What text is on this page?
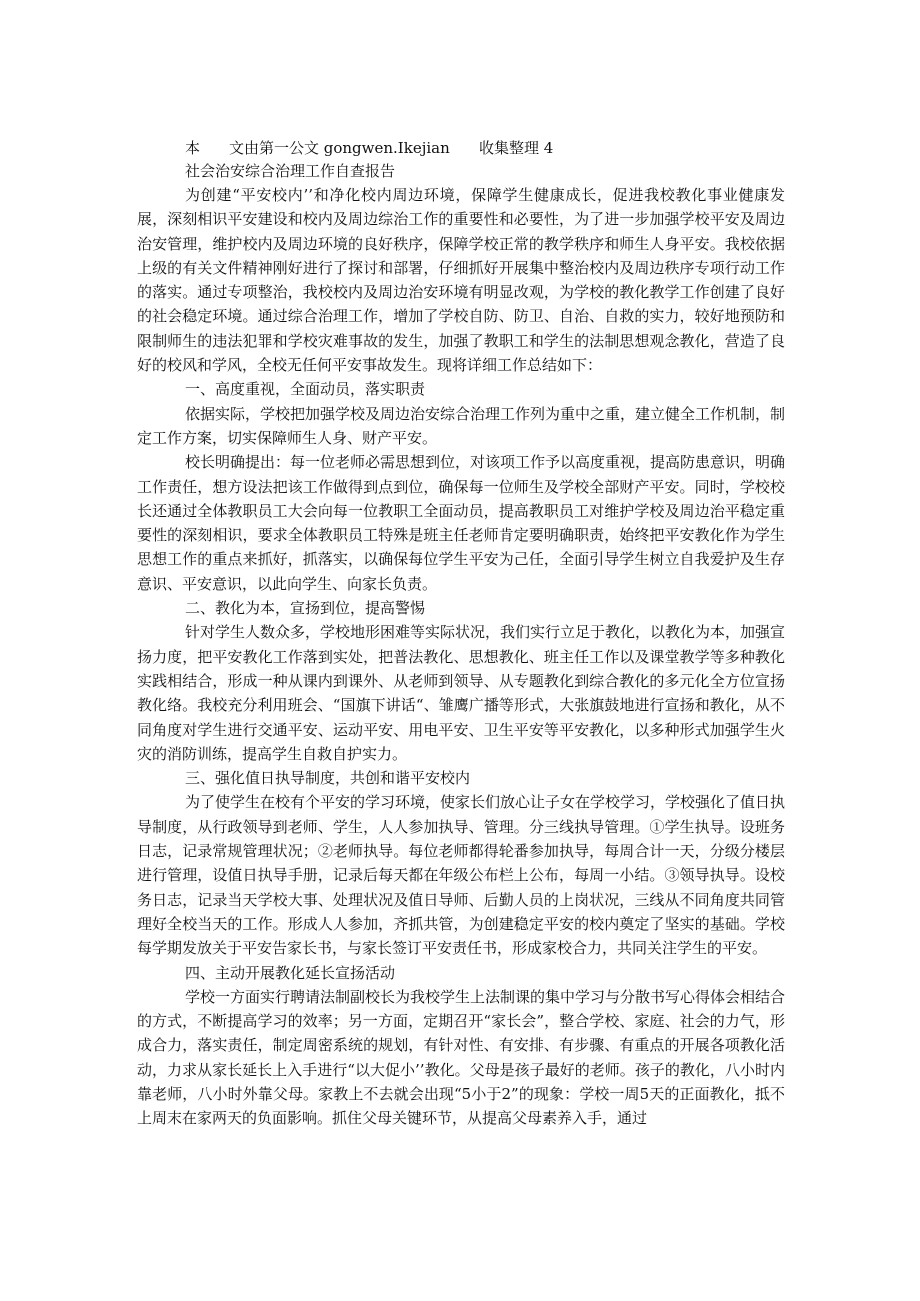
本 文由第一公文 gongwen.Ikejian 收集整理 4
社会治安综合治理工作自查报告

为创建“平安校内’’和净化校内周边环境，保障学生健康成长，促进我校教化事业健康发展，深刻相识平安建设和校内及周边综治工作的重要性和必要性，为了进一步加强学校平安及周边治安管理，维护校内及周边环境的良好秩序，保障学校正常的教学秩序和师生人身平安。我校依据上级的有关文件精神刚好进行了探讨和部署，仔细抓好开展集中整治校内及周边秩序专项行动工作的落实。通过专项整治，我校校内及周边治安环境有明显改观，为学校的教化教学工作创建了良好的社会稳定环境。通过综合治理工作，增加了学校自防、防卫、自治、自救的实力，较好地预防和限制师生的违法犯罪和学校灾难事故的发生，加强了教职工和学生的法制思想观念教化，营造了良好的校风和学风，全校无任何平安事故发生。现将详细工作总结如下：

一、高度重视，全面动员，落实职责

依据实际，学校把加强学校及周边治安综合治理工作列为重中之重，建立健全工作机制，制定工作方案，切实保障师生人身、财产平安。

校长明确提出：每一位老师必需思想到位，对该项工作予以高度重视，提高防患意识，明确工作责任，想方设法把该工作做得到点到位，确保每一位师生及学校全部财产平安。同时，学校校长还通过全体教职员工大会向每一位教职工全面动员，提高教职员工对维护学校及周边治平稳定重要性的深刻相识，要求全体教职员工特殊是班主任老师肯定要明确职责，始终把平安教化作为学生思想工作的重点来抓好，抓落实，以确保每位学生平安为己任，全面引导学生树立自我爱护及生存意识、平安意识，以此向学生、向家长负责。

二、教化为本，宣扬到位，提高警惕

针对学生人数众多，学校地形困难等实际状况，我们实行立足于教化，以教化为本，加强宣扬力度，把平安教化工作落到实处，把普法教化、思想教化、班主任工作以及课堂教学等多种教化实践相结合，形成一种从课内到课外、从老师到领导、从专题教化到综合教化的多元化全方位宣扬教化络。我校充分利用班会、“国旗下讲话“、雏鹰广播等形式，大张旗鼓地进行宣扬和教化，从不同角度对学生进行交通平安、运动平安、用电平安、卫生平安等平安教化，以多种形式加强学生火灾的消防训练，提高学生自救自护实力。

三、强化值日执导制度，共创和谐平安校内

为了使学生在校有个平安的学习环境，使家长们放心让子女在学校学习，学校强化了值日执导制度，从行政领导到老师、学生，人人参加执导、管理。分三线执导管理。①学生执导。设班务日志，记录常规管理状况；②老师执导。每位老师都得轮番参加执导，每周合计一天，分级分楼层进行管理，设值日执导手册，记录后每天都在年级公布栏上公布，每周一小结。③领导执导。设校务日志，记录当天学校大事、处理状况及值日导师、后勤人员的上岗状况，三线从不同角度共同管理好全校当天的工作。形成人人参加，齐抓共管，为创建稳定平安的校内奠定了坚实的基础。学校每学期发放关于平安告家长书，与家长签订平安责任书，形成家校合力，共同关注学生的平安。

四、主动开展教化延长宣扬活动

学校一方面实行聘请法制副校长为我校学生上法制课的集中学习与分散书写心得体会相结合的方式，不断提高学习的效率；另一方面，定期召开“家长会”，整合学校、家庭、社会的力气，形成合力，落实责任，制定周密系统的规划，有针对性、有安排、有步骤、有重点的开展各项教化活动，力求从家长延长上入手进行“以大促小’’教化。父母是孩子最好的老师。孩子的教化，八小时内靠老师，八小时外靠父母。家教上不去就会出现“5小于2”的现象：学校一周5天的正面教化，抵不上周末在家两天的负面影响。抓住父母关键环节，从提高父母素养入手，通过
